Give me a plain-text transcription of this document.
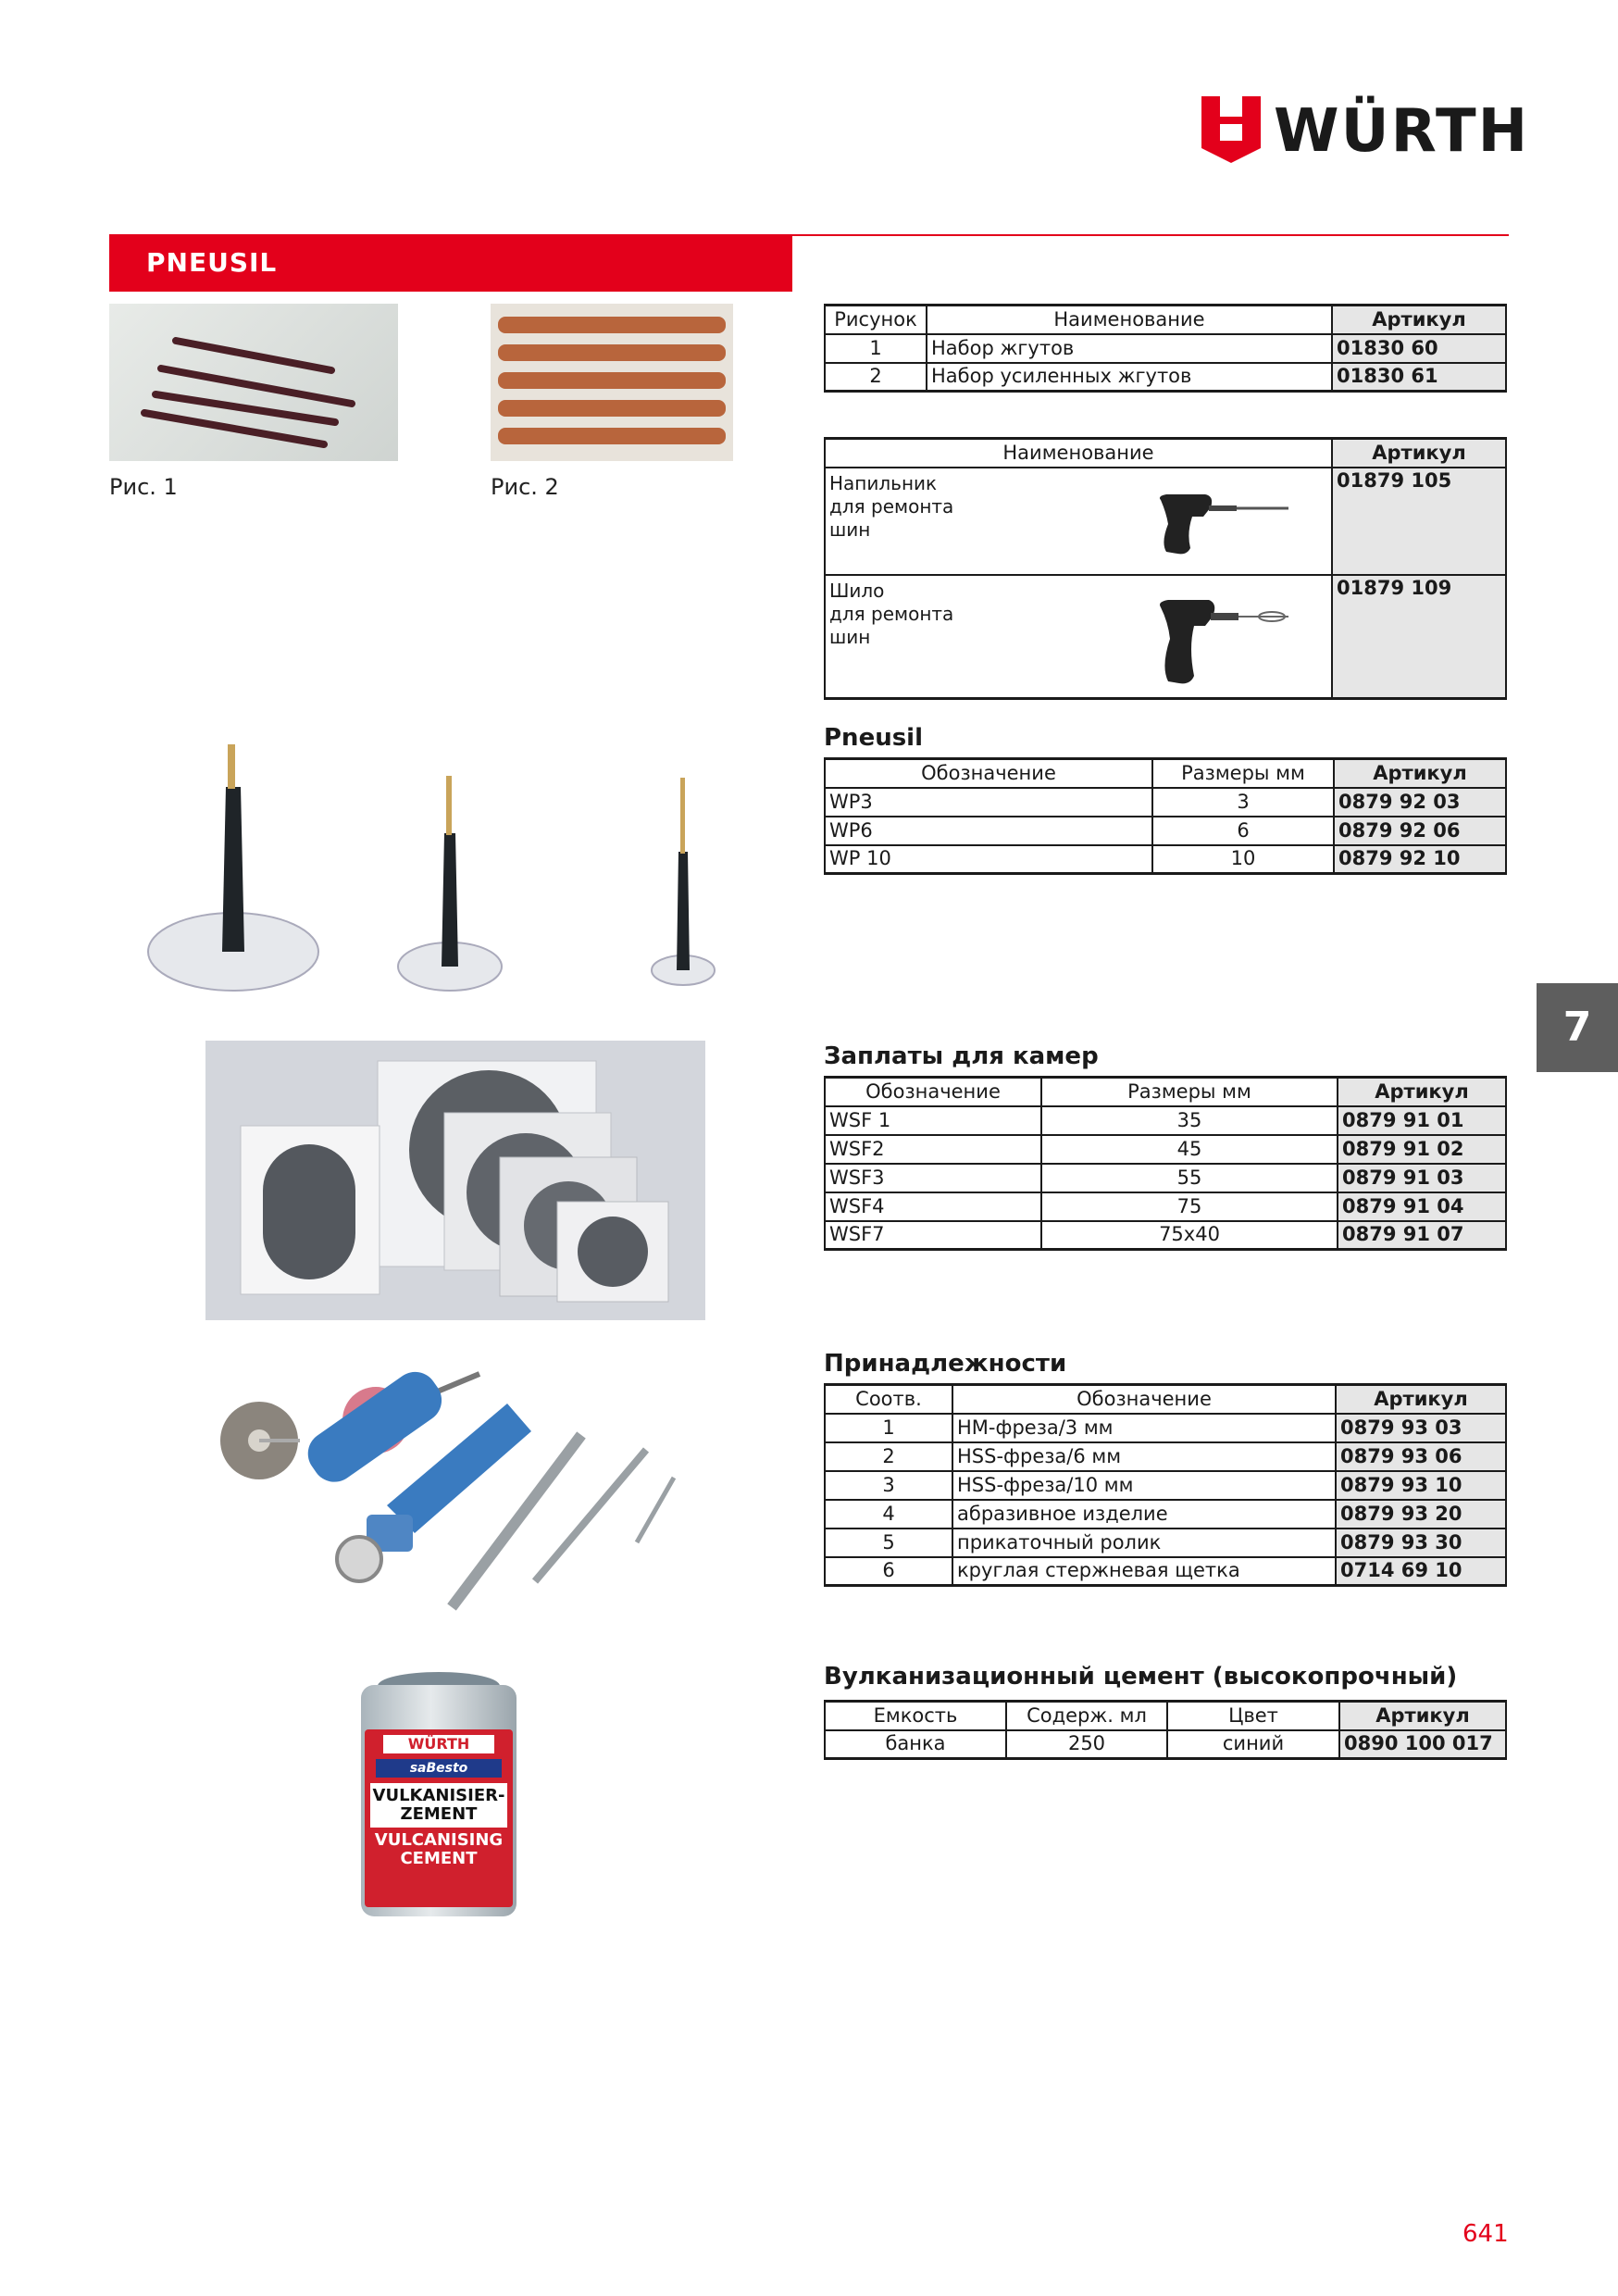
WÜRTH
PNEUSIL
Рис. 1	Рис. 2
Рисунок	Наименование	Артикул
1	Набор жгутов	01830 60
2	Набор усиленных жгутов	01830 61
Наименование	Артикул

Напильник
для ремонта
шин	01879 105

Шило
для ремонта
шин	01879 109
Pneusil
Обозначение	Размеры мм	Артикул
WP3	3	0879 92 03
WP6	6	0879 92 06
WP 10	10	0879 92 10
7
Заплаты для камер
Обозначение	Размеры мм	Артикул
WSF 1	35	0879 91 01
WSF2	45	0879 91 02
WSF3	55	0879 91 03
WSF4	75	0879 91 04
WSF7	75x40	0879 91 07
Принадлежности
Соотв.	Обозначение	Артикул
1	HM-фреза/3 мм	0879 93 03
2	HSS-фреза/6 мм	0879 93 06
3	HSS-фреза/10 мм	0879 93 10
4	абразивное изделие	0879 93 20
5	прикаточный ролик	0879 93 30
6	круглая стержневая щетка	0714 69 10
WÜRTH
saBesto
VULKANISIER-
ZEMENT
VULCANISING
CEMENT
Вулканизационный цемент (высокопрочный)
Емкость	Содерж. мл	Цвет	Артикул
банка	250	синий	0890 100 017
641
